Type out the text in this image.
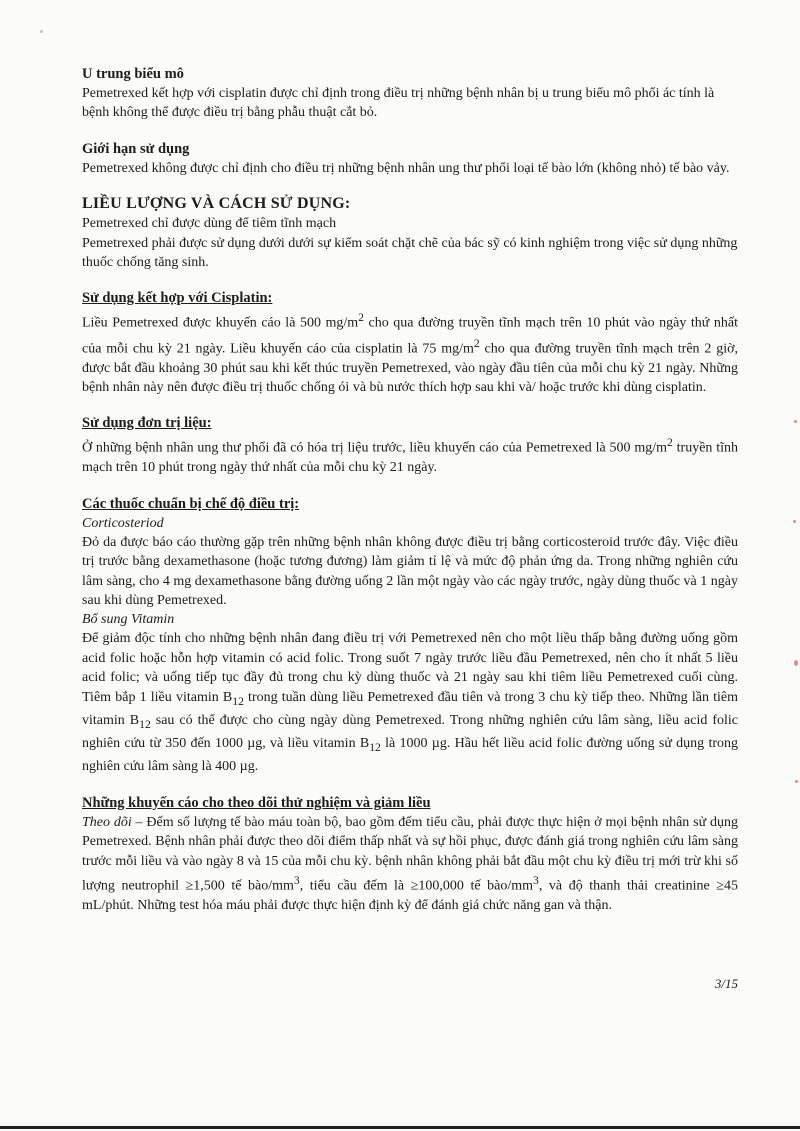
U trung biểu mô

Pemetrexed kết hợp với cisplatin được chỉ định trong điều trị những bệnh nhân bị u trung biểu mô phổi ác tính là bệnh không thể được điều trị bằng phẫu thuật cắt bỏ.

Giới hạn sử dụng

Pemetrexed không được chỉ định cho điều trị những bệnh nhân ung thư phổi loại tế bào lớn (không nhỏ) tế bào vảy.

LIỀU LƯỢNG VÀ CÁCH SỬ DỤNG:

Pemetrexed chỉ được dùng để tiêm tĩnh mạch

Pemetrexed phải được sử dụng dưới dưới sự kiểm soát chặt chẽ của bác sỹ có kinh nghiệm trong việc sử dụng những thuốc chống tăng sinh.

Sử dụng kết hợp với Cisplatin:

Liều Pemetrexed được khuyến cáo là 500 $mg/m^2$ cho qua đường truyền tĩnh mạch trên 10 phút vào ngày thứ nhất của mỗi chu kỳ 21 ngày. Liều khuyến cáo của cisplatin là 75 $mg/m^2$ cho qua đường truyền tĩnh mạch trên 2 giờ, được bắt đầu khoảng 30 phút sau khi kết thúc truyền Pemetrexed, vào ngày đầu tiên của mỗi chu kỳ 21 ngày. Những bệnh nhân này nên được điều trị thuốc chống ói và bù nước thích hợp sau khi và/ hoặc trước khi dùng cisplatin.

Sử dụng đơn trị liệu:

Ở những bệnh nhân ung thư phổi đã có hóa trị liệu trước, liều khuyến cáo của Pemetrexed là 500 $mg/m^2$ truyền tĩnh mạch trên 10 phút trong ngày thứ nhất của mỗi chu kỳ 21 ngày.

Các thuốc chuẩn bị chế độ điều trị:
Corticosteriod

Đỏ da được báo cáo thường gặp trên những bệnh nhân không được điều trị bằng corticosteroid trước đây. Việc điều trị trước bằng dexamethasone (hoặc tương đương) làm giảm tỉ lệ và mức độ phản ứng da. Trong những nghiên cứu lâm sàng, cho 4 mg dexamethasone bằng đường uống 2 lần một ngày vào các ngày trước, ngày dùng thuốc và 1 ngày sau khi dùng Pemetrexed.

Bổ sung Vitamin

Để giảm độc tính cho những bệnh nhân đang điều trị với Pemetrexed nên cho một liều thấp bằng đường uống gồm acid folic hoặc hỗn hợp vitamin có acid folic. Trong suốt 7 ngày trước liều đầu Pemetrexed, nên cho ít nhất 5 liều acid folic; và uống tiếp tục đầy đủ trong chu kỳ dùng thuốc và 21 ngày sau khi tiêm liều Pemetrexed cuối cùng. Tiêm bắp 1 liều vitamin $B_{12}$ trong tuần dùng liều Pemetrexed đầu tiên và trong 3 chu kỳ tiếp theo. Những lần tiêm vitamin $B_{12}$ sau có thể được cho cùng ngày dùng Pemetrexed. Trong những nghiên cứu lâm sàng, liều acid folic nghiên cứu từ 350 đến 1000 µg, và liều vitamin $B_{12}$ là 1000 µg. Hầu hết liều acid folic đường uống sử dụng trong nghiên cứu lâm sàng là 400 µg.

Những khuyến cáo cho theo dõi thử nghiệm và giảm liều

Theo dõi – Đếm số lượng tế bào máu toàn bộ, bao gồm đếm tiểu cầu, phải được thực hiện ở mọi bệnh nhân sử dụng Pemetrexed. Bệnh nhân phải được theo dõi điểm thấp nhất và sự hồi phục, được đánh giá trong nghiên cứu lâm sàng trước mỗi liều và vào ngày 8 và 15 của mỗi chu kỳ. bệnh nhân không phải bắt đầu một chu kỳ điều trị mới trừ khi số lượng neutrophil ≥1,500 tế bào/$mm^3$, tiểu cầu đếm là ≥100,000 tế bào/$mm^3$, và độ thanh thải creatinine ≥45 mL/phút. Những test hóa máu phải được thực hiện định kỳ để đánh giá chức năng gan và thận.

3/15
